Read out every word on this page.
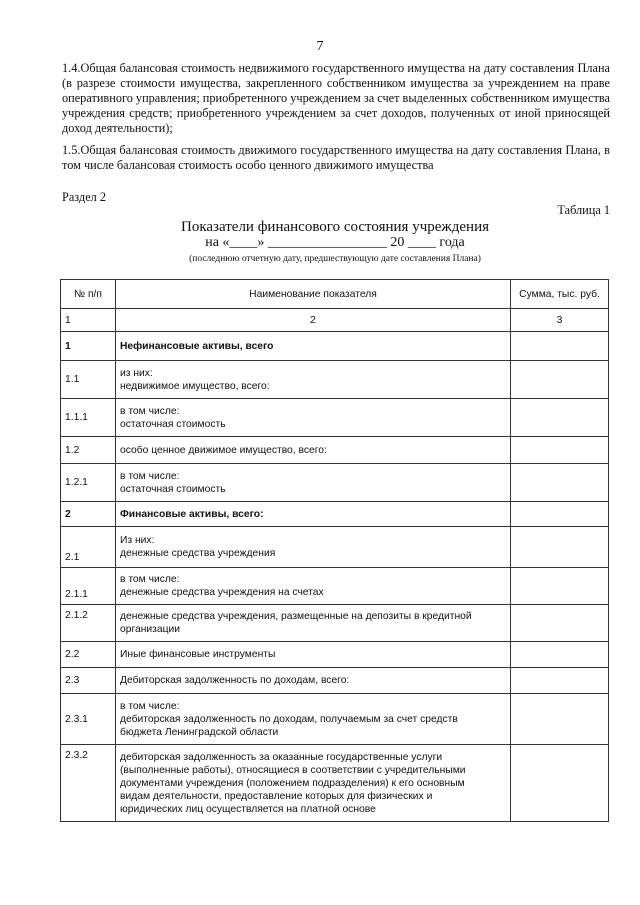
7

1.4.Общая балансовая стоимость недвижимого государственного имущества на дату составления Плана (в разрезе стоимости имущества, закрепленного собственником имущества за учреждением на праве оперативного управления; приобретенного учреждением за счет выделенных собственником имущества учреждения средств; приобретенного учреждением за счет доходов, полученных от иной приносящей доход деятельности);

1.5.Общая балансовая стоимость движимого государственного имущества на дату составления Плана, в том числе балансовая стоимость особо ценного движимого имущества

Раздел 2
Таблица 1
Показатели финансового состояния учреждения
на «____» _________________ 20 ____ года
(последнюю отчетную дату, предшествующую дате составления Плана)
№ п/п	Наименование показателя	Сумма, тыс. руб.
1	2	3
1	Нефинансовые активы, всего	

1.1	из них:
недвижимое имущество, всего:	

1.1.1	в том числе:
остаточная стоимость	

1.2	особо ценное движимое имущество, всего:	

1.2.1	в том числе:
остаточная стоимость	

2	Финансовые активы, всего:	

2.1	Из них:
денежные средства учреждения	

2.1.1	в том числе:
денежные средства учреждения на счетах	

2.1.2	денежные средства учреждения, размещенные на депозиты в кредитной
организации	

2.2	Иные финансовые инструменты	

2.3	Дебиторская задолженность по доходам, всего:	

2.3.1	в том числе:
дебиторская задолженность по доходам, получаемым за счет средств
бюджета Ленинградской области	

2.3.2	дебиторская задолженность за оказанные государственные услуги
(выполненные работы), относящиеся в соответствии с учредительными
документами учреждения (положением подразделения) к его основным
видам деятельности, предоставление которых для физических и
юридических лиц осуществляется на платной основе	
